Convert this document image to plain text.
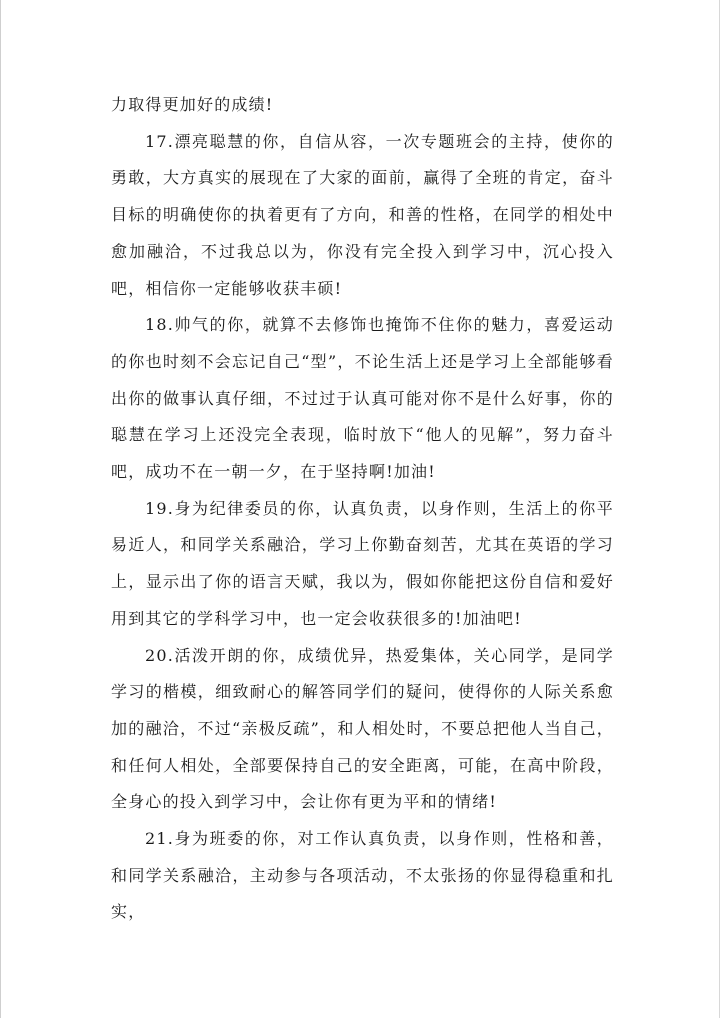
力取得更加好的成绩!

17.漂亮聪慧的你，自信从容，一次专题班会的主持，使你的勇敢，大方真实的展现在了大家的面前，赢得了全班的肯定，奋斗目标的明确使你的执着更有了方向，和善的性格，在同学的相处中愈加融洽，不过我总以为，你没有完全投入到学习中，沉心投入吧，相信你一定能够收获丰硕!

18.帅气的你，就算不去修饰也掩饰不住你的魅力，喜爱运动的你也时刻不会忘记自己“型”，不论生活上还是学习上全部能够看出你的做事认真仔细，不过过于认真可能对你不是什么好事，你的聪慧在学习上还没完全表现，临时放下“他人的见解”，努力奋斗吧，成功不在一朝一夕，在于坚持啊!加油!

19.身为纪律委员的你，认真负责，以身作则，生活上的你平易近人，和同学关系融洽，学习上你勤奋刻苦，尤其在英语的学习上，显示出了你的语言天赋，我以为，假如你能把这份自信和爱好用到其它的学科学习中，也一定会收获很多的!加油吧!

20.活泼开朗的你，成绩优异，热爱集体，关心同学，是同学学习的楷模，细致耐心的解答同学们的疑问，使得你的人际关系愈加的融洽，不过“亲极反疏”，和人相处时，不要总把他人当自己，和任何人相处，全部要保持自己的安全距离，可能，在高中阶段，全身心的投入到学习中，会让你有更为平和的情绪!

21.身为班委的你，对工作认真负责，以身作则，性格和善，和同学关系融洽，主动参与各项活动，不太张扬的你显得稳重和扎实，
